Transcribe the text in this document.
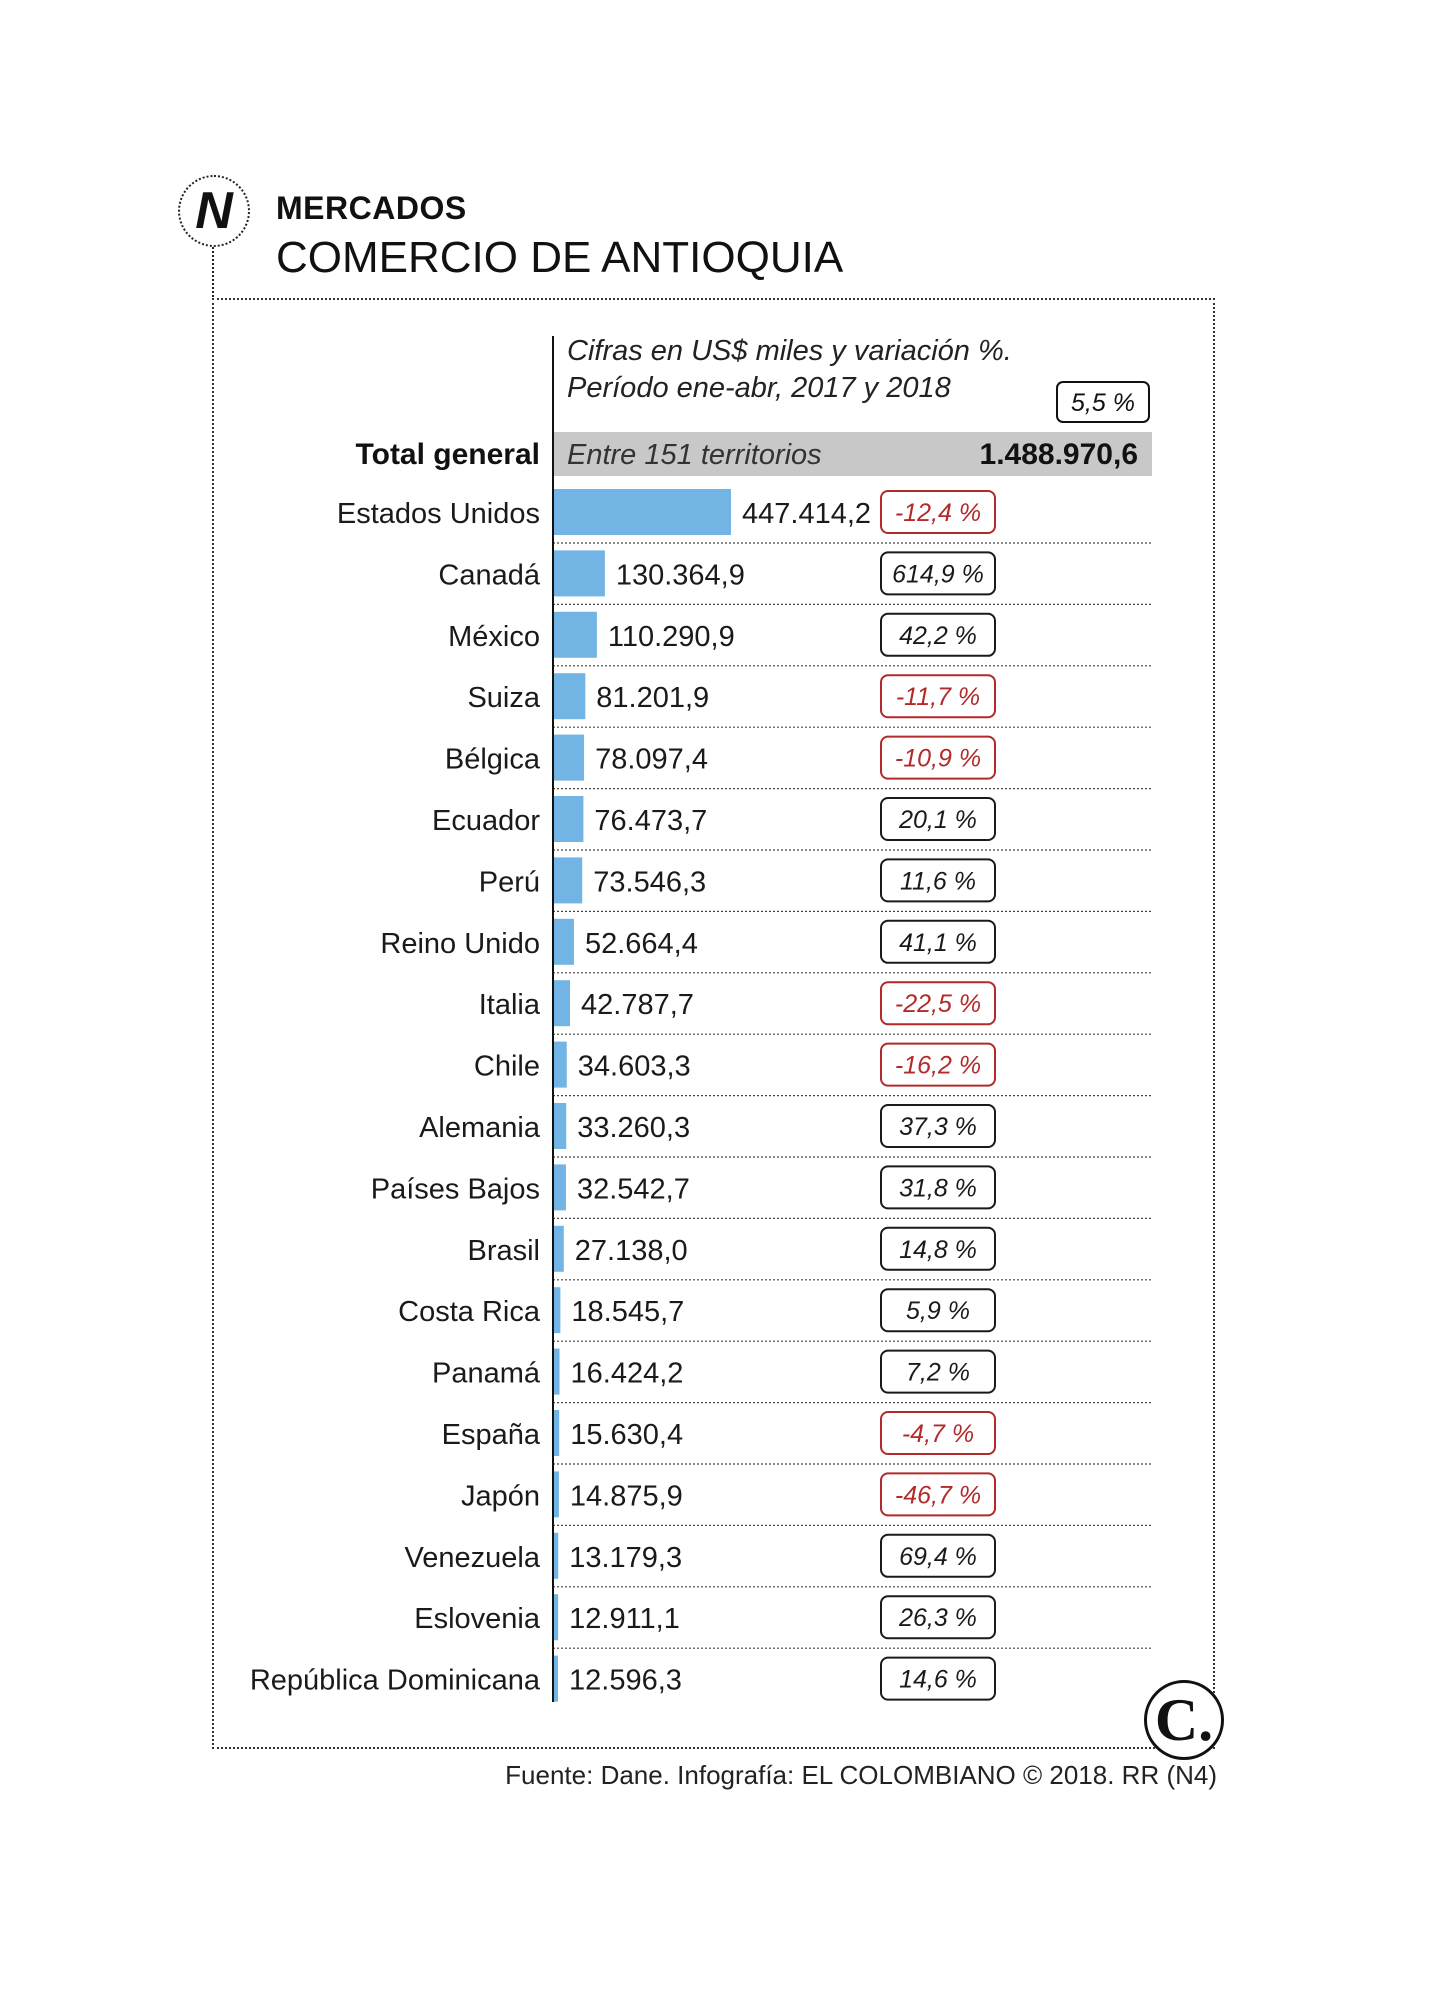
N	MERCADOS
COMERCIO DE ANTIOQUIA
Cifras en US$ miles y variación %.
Período ene-abr, 2017 y 2018	5,5 %
Total general Entre 151 territorios	1.488.970,6
Estados Unidos	447.414,2 -12,4 %
Canadá	130.364,9	614,9 %
México 110.290,9	42,2 %
Suiza 81.201,9	-11,7 %
Bélgica 78.097,4	-10,9 %
Ecuador 76.473,7	20,1 %
Perú 73.546,3	11,6 %
Reino Unido 52.664,4	41,1 %
Italia 42.787,7	-22,5 %
Chile 34.603,3	-16,2 %
Alemania 33.260,3	37,3 %
Países Bajos 32.542,7	31,8 %
Brasil 27.138,0	14,8 %
Costa Rica 18.545,7	5,9 %
Panamá 16.424,2	7,2 %
España 15.630,4	-4,7 %
Japón 14.875,9	-46,7 %
Venezuela 13.179,3	69,4 %
Eslovenia 12.911,1	26,3 %
República Dominicana 12.596,3	14,6 %
C.
Fuente: Dane. Infografía: EL COLOMBIANO © 2018. RR (N4)
